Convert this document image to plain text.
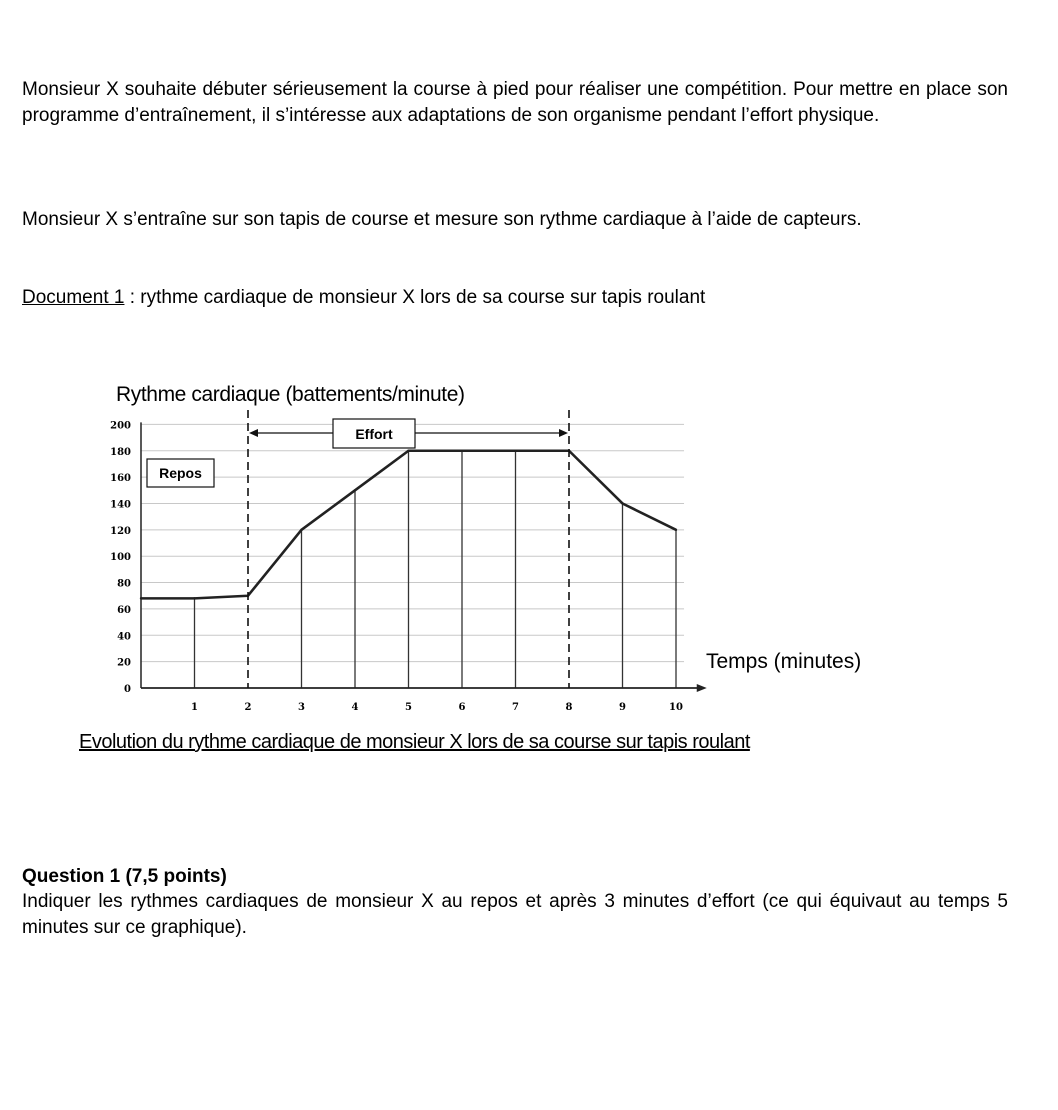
Monsieur X souhaite débuter sérieusement la course à pied pour réaliser une compétition. Pour mettre en place son programme d’entraînement, il s’intéresse aux adaptations de son organisme pendant l’effort physique.

Monsieur X s’entraîne sur son tapis de course et mesure son rythme cardiaque à l’aide de capteurs.

Document 1 : rythme cardiaque de monsieur X lors de sa course sur tapis roulant

Rythme cardiaque (battements/minute)
Temps (minutes)
Effort
Repos
0
20
40
60
80
100
120
140
160
180
200
1	2	3	4	5	6	7	8	9	10

Evolution du rythme cardiaque de monsieur X lors de sa course sur tapis roulant

Question 1 (7,5 points)

Indiquer les rythmes cardiaques de monsieur X au repos et après 3 minutes d’effort (ce qui équivaut au temps 5 minutes sur ce graphique).
